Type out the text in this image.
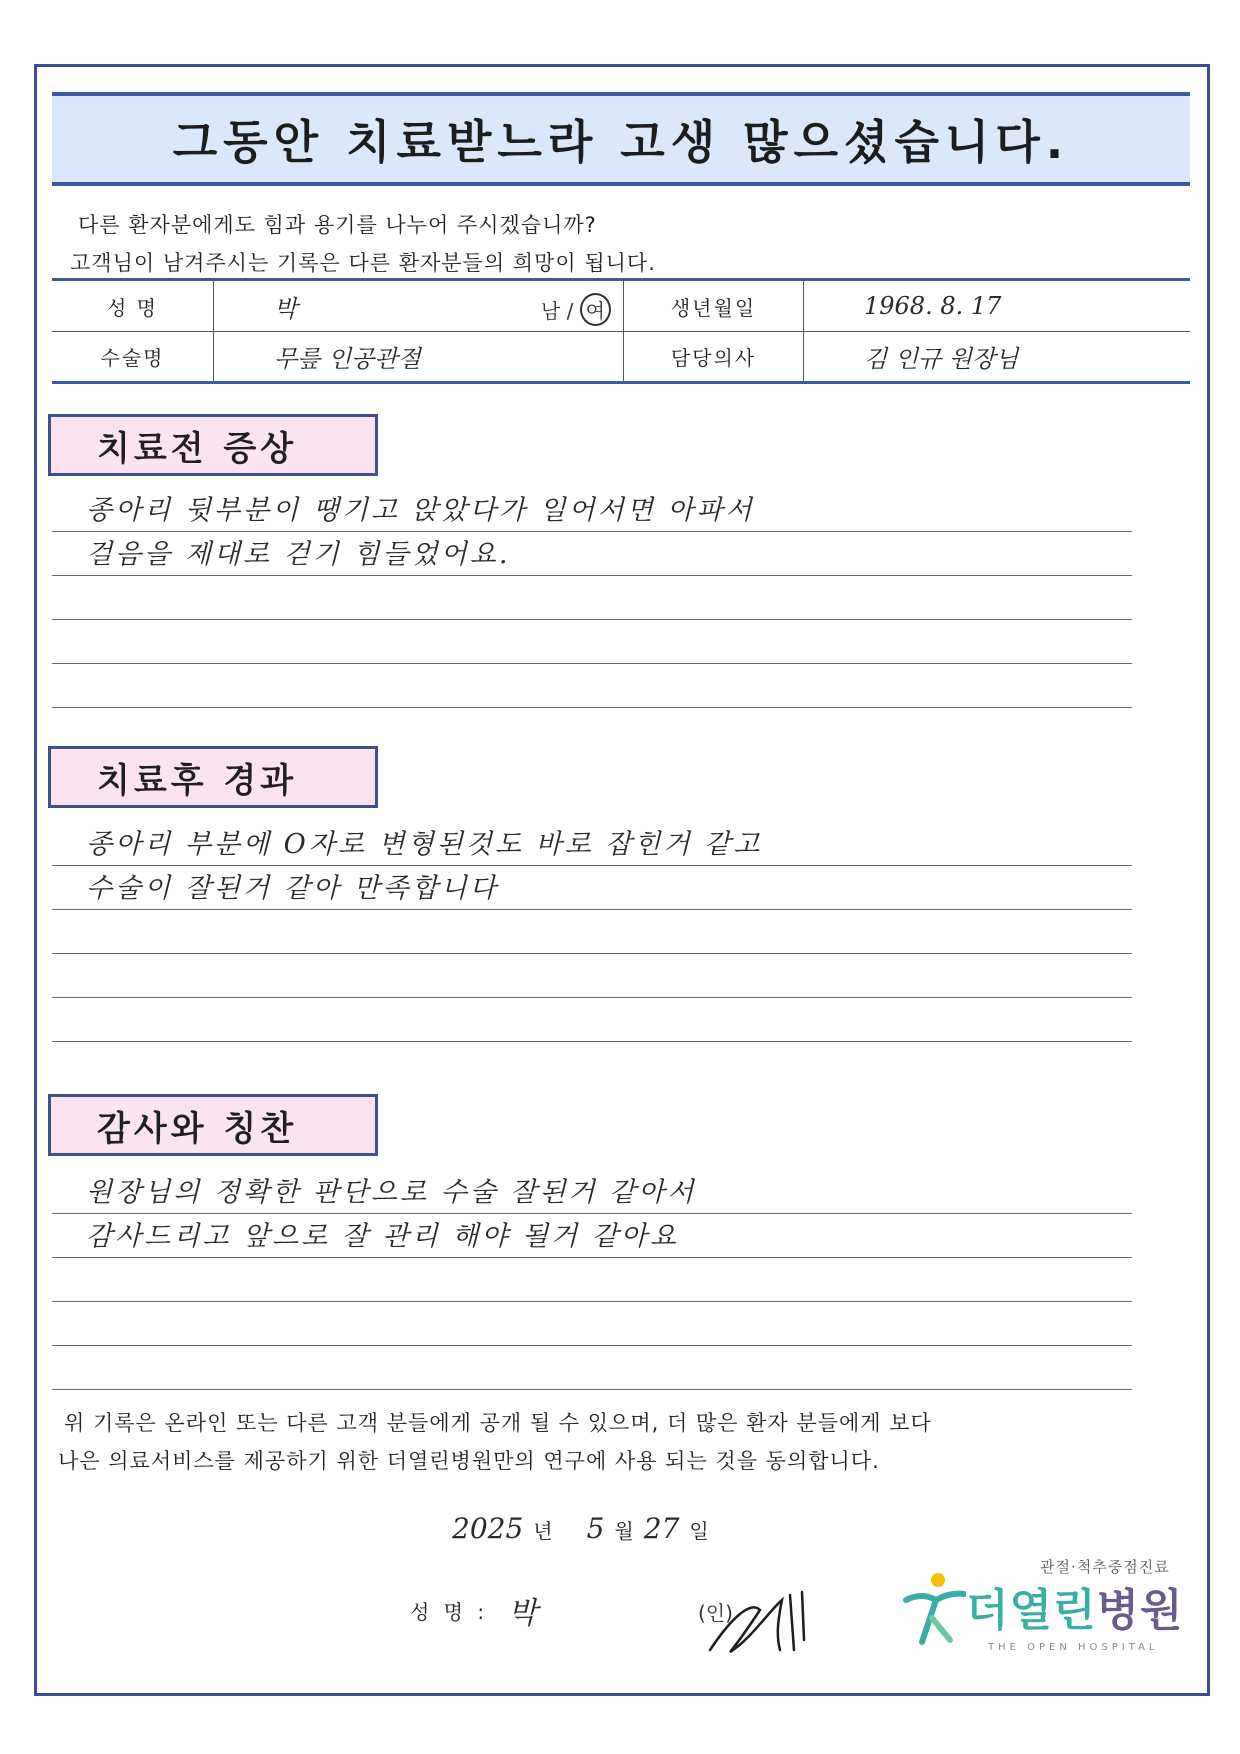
그동안 치료받느라 고생 많으셨습니다.
다른 환자분에게도 힘과 용기를 나누어 주시겠습니까?
고객님이 남겨주시는 기록은 다른 환자분들의 희망이 됩니다.
성 명	박	남 / 여	생년월일	1968. 8. 17
수술명	무릎 인공관절	담당의사	김 인규 원장님
치료전 증상
종아리 뒷부분이 땡기고 앉았다가 일어서면 아파서
걸음을 제대로 걷기 힘들었어요.
치료후 경과
종아리 부분에 O자로 변형된것도 바로 잡힌거 같고
수술이 잘된거 같아 만족합니다
감사와 칭찬
원장님의 정확한 판단으로 수술 잘된거 같아서
감사드리고 앞으로 잘 관리 해야 될거 같아요
위 기록은 온라인 또는 다른 고객 분들에게 공개 될 수 있으며, 더 많은 환자 분들에게 보다
나은 의료서비스를 제공하기 위한 더열린병원만의 연구에 사용 되는 것을 동의합니다.
2025 년 5 월 27 일
성 명 : 박	(인)
관절·척추중점진료
더열린병원
THE OPEN HOSPITAL
